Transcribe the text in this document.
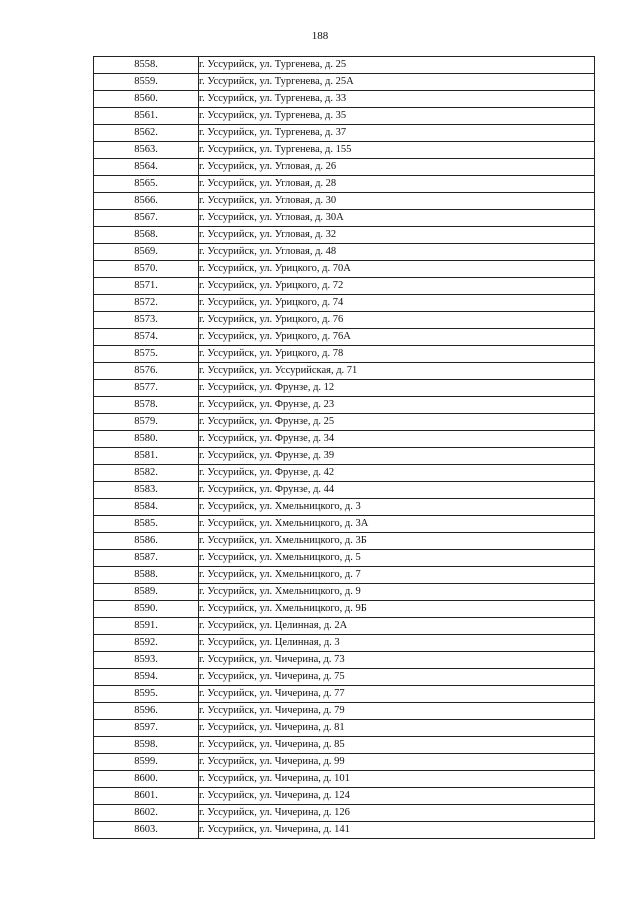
188
8558.	г. Уссурийск, ул. Тургенева, д. 25
8559.	г. Уссурийск, ул. Тургенева, д. 25А
8560.	г. Уссурийск, ул. Тургенева, д. 33
8561.	г. Уссурийск, ул. Тургенева, д. 35
8562.	г. Уссурийск, ул. Тургенева, д. 37
8563.	г. Уссурийск, ул. Тургенева, д. 155
8564.	г. Уссурийск, ул. Угловая, д. 26
8565.	г. Уссурийск, ул. Угловая, д. 28
8566.	г. Уссурийск, ул. Угловая, д. 30
8567.	г. Уссурийск, ул. Угловая, д. 30А
8568.	г. Уссурийск, ул. Угловая, д. 32
8569.	г. Уссурийск, ул. Угловая, д. 48
8570.	г. Уссурийск, ул. Урицкого, д. 70А
8571.	г. Уссурийск, ул. Урицкого, д. 72
8572.	г. Уссурийск, ул. Урицкого, д. 74
8573.	г. Уссурийск, ул. Урицкого, д. 76
8574.	г. Уссурийск, ул. Урицкого, д. 76А
8575.	г. Уссурийск, ул. Урицкого, д. 78
8576.	г. Уссурийск, ул. Уссурийская, д. 71
8577.	г. Уссурийск, ул. Фрунзе, д. 12
8578.	г. Уссурийск, ул. Фрунзе, д. 23
8579.	г. Уссурийск, ул. Фрунзе, д. 25
8580.	г. Уссурийск, ул. Фрунзе, д. 34
8581.	г. Уссурийск, ул. Фрунзе, д. 39
8582.	г. Уссурийск, ул. Фрунзе, д. 42
8583.	г. Уссурийск, ул. Фрунзе, д. 44
8584.	г. Уссурийск, ул. Хмельницкого, д. 3
8585.	г. Уссурийск, ул. Хмельницкого, д. 3А
8586.	г. Уссурийск, ул. Хмельницкого, д. 3Б
8587.	г. Уссурийск, ул. Хмельницкого, д. 5
8588.	г. Уссурийск, ул. Хмельницкого, д. 7
8589.	г. Уссурийск, ул. Хмельницкого, д. 9
8590.	г. Уссурийск, ул. Хмельницкого, д. 9Б
8591.	г. Уссурийск, ул. Целинная, д. 2А
8592.	г. Уссурийск, ул. Целинная, д. 3
8593.	г. Уссурийск, ул. Чичерина, д. 73
8594.	г. Уссурийск, ул. Чичерина, д. 75
8595.	г. Уссурийск, ул. Чичерина, д. 77
8596.	г. Уссурийск, ул. Чичерина, д. 79
8597.	г. Уссурийск, ул. Чичерина, д. 81
8598.	г. Уссурийск, ул. Чичерина, д. 85
8599.	г. Уссурийск, ул. Чичерина, д. 99
8600.	г. Уссурийск, ул. Чичерина, д. 101
8601.	г. Уссурийск, ул. Чичерина, д. 124
8602.	г. Уссурийск, ул. Чичерина, д. 126
8603.	г. Уссурийск, ул. Чичерина, д. 141
